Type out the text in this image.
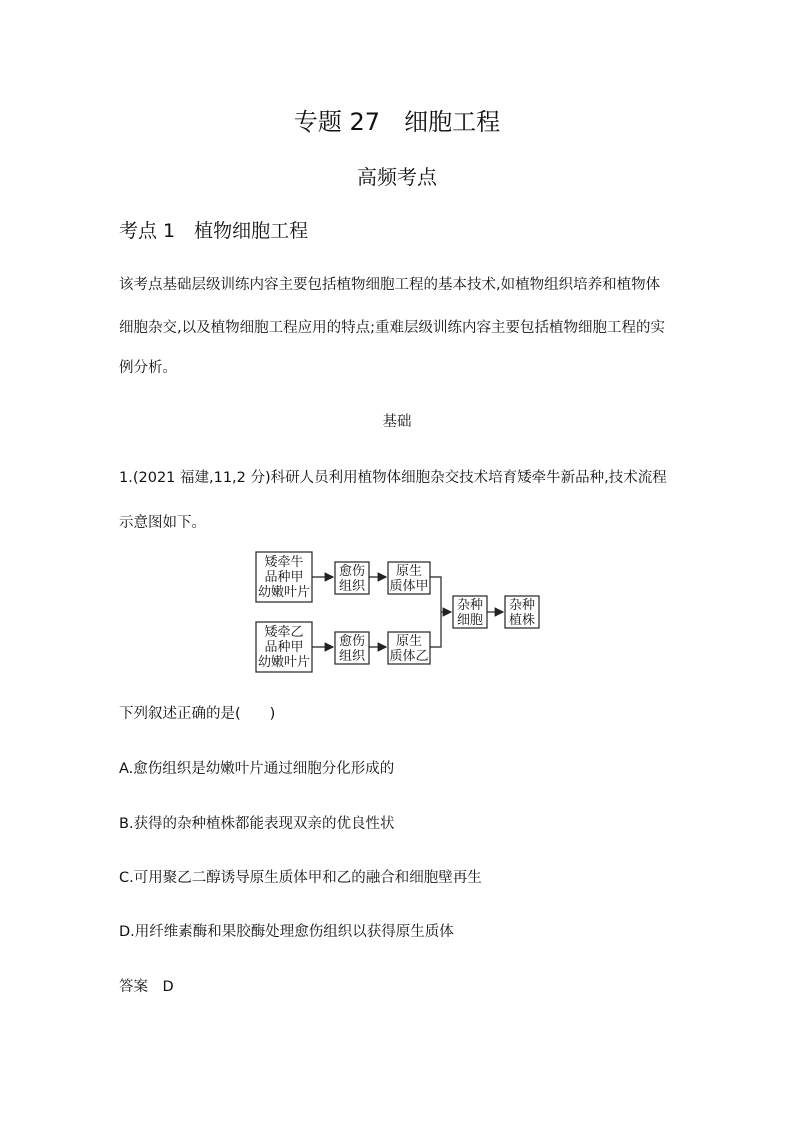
专题 27　细胞工程
高频考点
考点 1　植物细胞工程
该考点基础层级训练内容主要包括植物细胞工程的基本技术,如植物组织培养和植物体
细胞杂交,以及植物细胞工程应用的特点;重难层级训练内容主要包括植物细胞工程的实
例分析。
基础
1.(2021 福建,11,2 分)科研人员利用植物体细胞杂交技术培育矮牵牛新品种,技术流程
示意图如下。
矮牵牛
品种甲
幼嫩叶片
愈伤
组织
原生
质体甲
矮牵乙
品种甲
幼嫩叶片
愈伤
组织
原生
质体乙
杂种
细胞
杂种
植株
下列叙述正确的是(　　)
A.愈伤组织是幼嫩叶片通过细胞分化形成的
B.获得的杂种植株都能表现双亲的优良性状
C.可用聚乙二醇诱导原生质体甲和乙的融合和细胞壁再生
D.用纤维素酶和果胶酶处理愈伤组织以获得原生质体
答案　D
